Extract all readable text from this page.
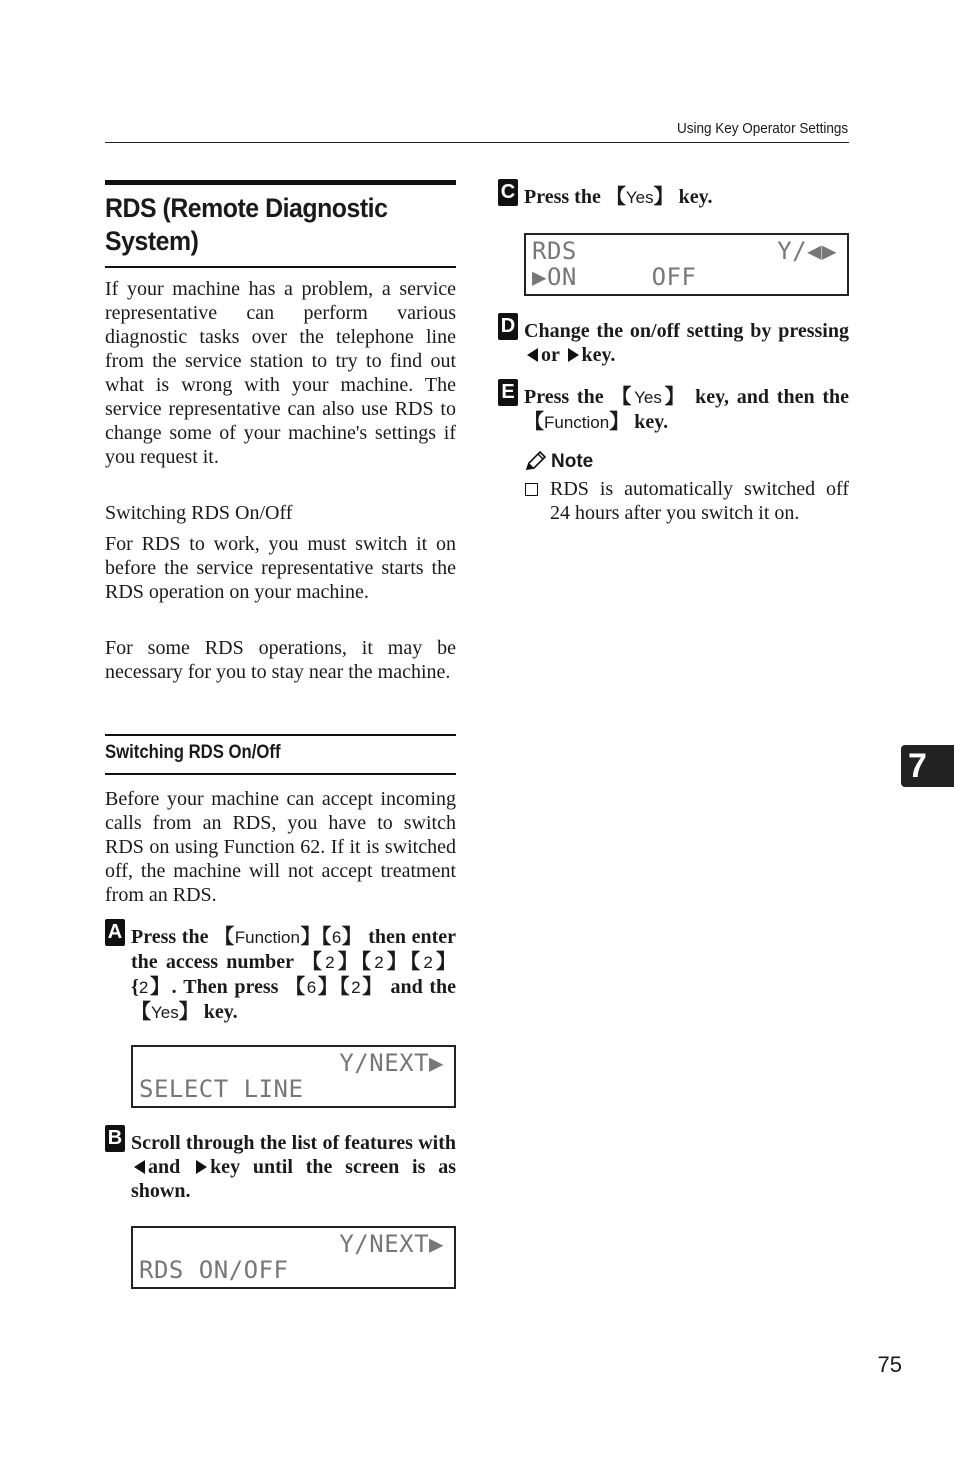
Using Key Operator Settings
RDS (Remote Diagnostic
System)

If your machine has a problem, a service representative can perform various diagnostic tasks over the telephone line from the service station to try to find out what is wrong with your machine. The service representative can also use RDS to change some of your machine's settings if you request it.

Switching RDS On/Off

For RDS to work, you must switch it on before the service representative starts the RDS operation on your machine.

For some RDS operations, it may be necessary for you to stay near the machine.

Switching RDS On/Off

Before your machine can accept incoming calls from an RDS, you have to switch RDS on using Function 62. If it is switched off, the machine will not accept treatment from an RDS.

A Press the 【Function】【6】 then enter the access number 【2】【2】【2】{2】. Then press 【6】【2】 and the 【Yes】 key.

Y/NEXT▶
SELECT LINE
B Scroll through the list of features with and key until the screen is as shown.

Y/NEXT▶
RDS ON/OFF
C Press the 【Yes】 key.

RDS	Y/◀▶
▶ON     OFF
D Change the on/off setting by pressing or key.

E Press the 【Yes】 key, and then the 【Function】 key.

Note

RDS is automatically switched off 24 hours after you switch it on.

7
75
